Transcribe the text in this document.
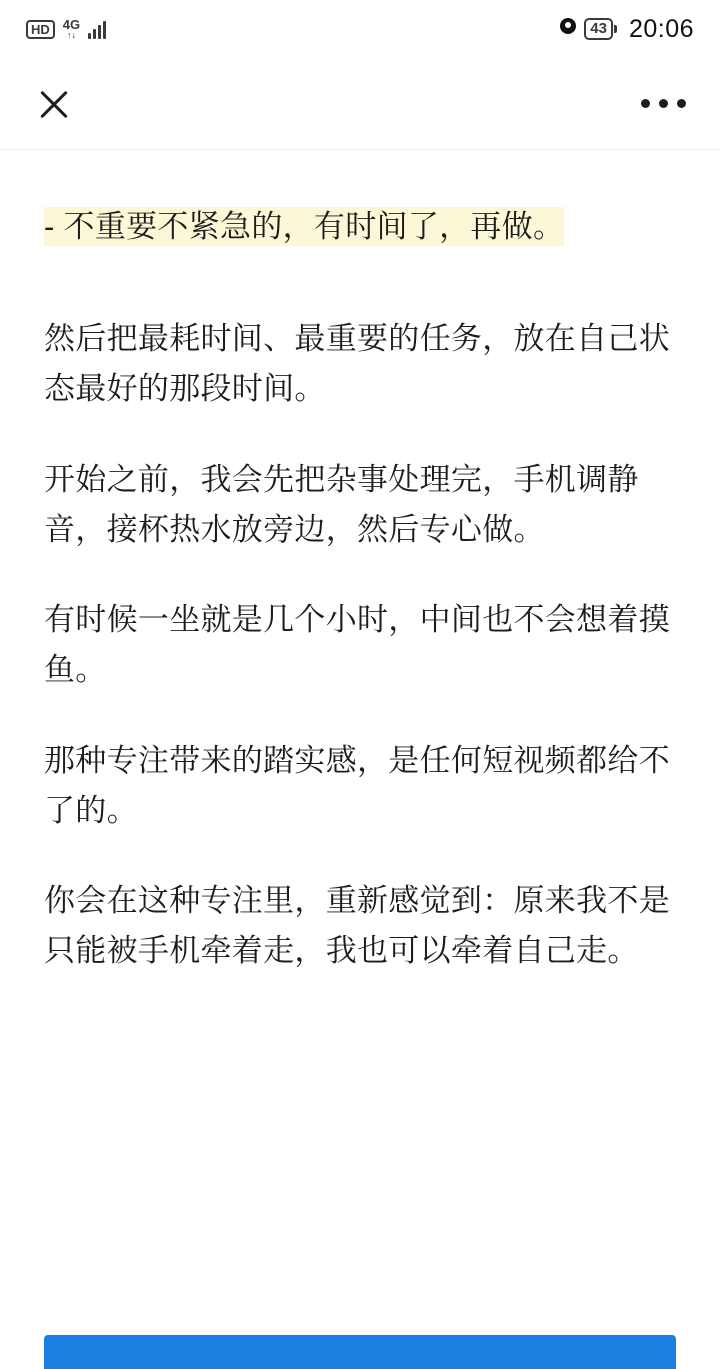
HD	4G
↑↓	43 20:06
- 不重要不紧急的，有时间了，再做。

然后把最耗时间、最重要的任务，放在自己状态最好的那段时间。

开始之前，我会先把杂事处理完，手机调静音，接杯热水放旁边，然后专心做。

有时候一坐就是几个小时，中间也不会想着摸鱼。

那种专注带来的踏实感，是任何短视频都给不了的。

你会在这种专注里，重新感觉到：原来我不是只能被手机牵着走，我也可以牵着自己走。
